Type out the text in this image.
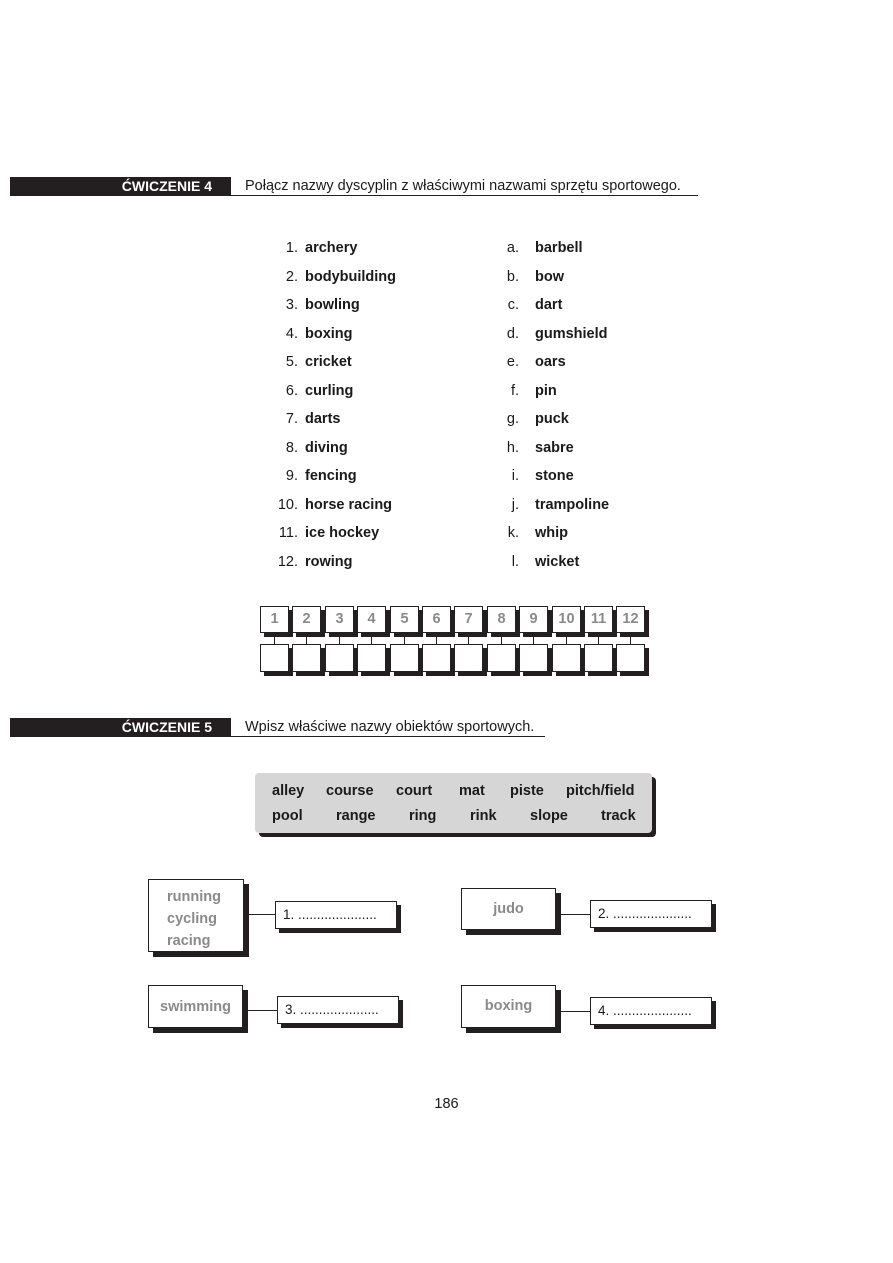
ĆWICZENIE 4	Połącz nazwy dyscyplin z właściwymi nazwami sprzętu sportowego.
1. archery
2. bodybuilding
3. bowling
4. boxing
5. cricket
6. curling
7. darts
8. diving
9. fencing
10. horse racing
11. ice hockey
12. rowing
a. barbell
b. bow
c. dart
d. gumshield
e. oars
f. pin
g. puck
h. sabre
i. stone
j. trampoline
k. whip
l. wicket
1	2	3	4	5	6	7	8	9	10	11	12
ĆWICZENIE 5	Wpisz właściwe nazwy obiektów sportowych.
alley course court mat piste pitch/field
pool range ring rink slope track
running
cycling
racing
1. .....................	judo	2. .....................
swimming	3. .....................	boxing	4. .....................
186
